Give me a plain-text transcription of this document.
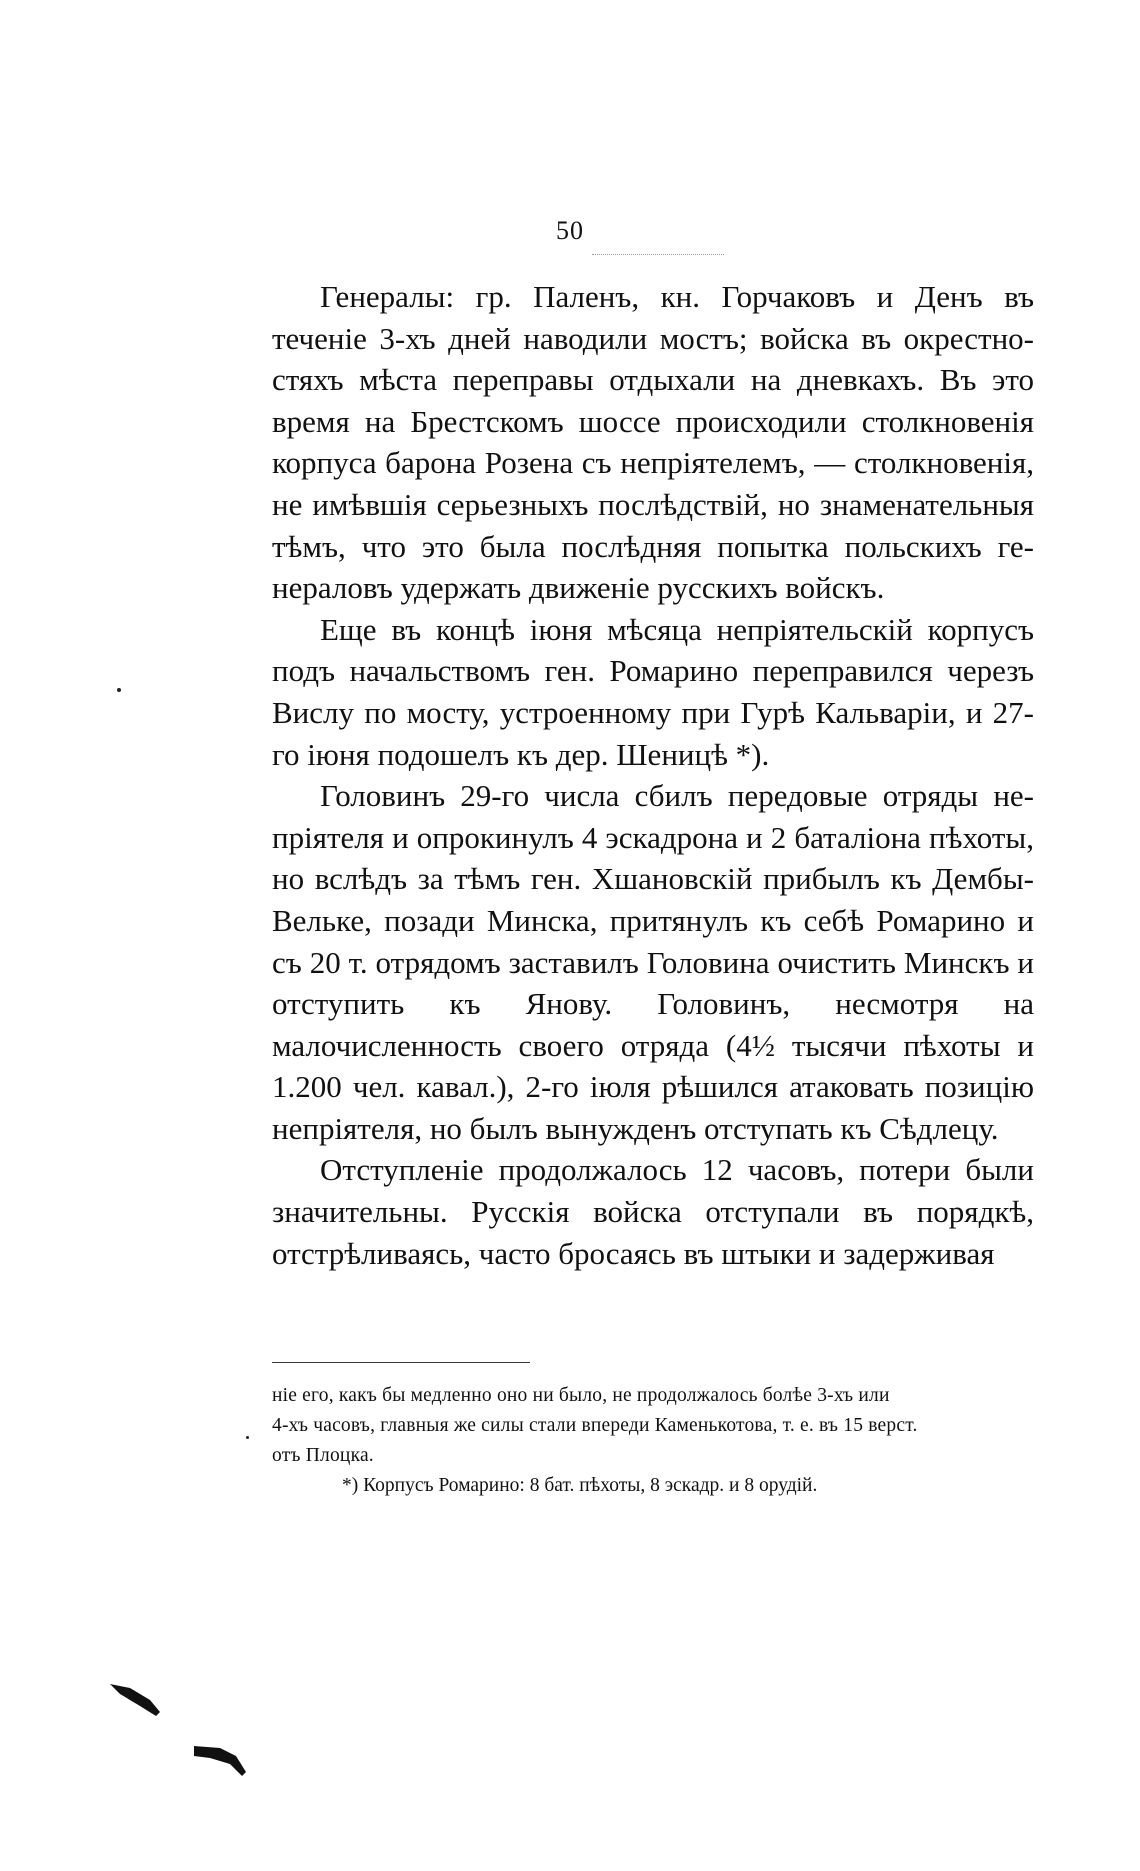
50

Генералы: гр. Паленъ, кн. Горчаковъ и Денъ въ теченіе 3-хъ дней наводили мостъ; войска въ окрестностяхъ мѣста переправы отдыхали на дневкахъ. Въ это время на Брестскомъ шоссе происходили столкновенія корпуса барона Розена съ непріятелемъ, — столкновенія, не имѣвшія серьезныхъ послѣдствій, но знаменательныя тѣмъ, что это была послѣдняя попытка польскихъ генераловъ удержать движеніе русскихъ войскъ.

Еще въ концѣ іюня мѣсяца непріятельскій корпусъ подъ начальствомъ ген. Ромарино переправился черезъ Вислу по мосту, устроенному при Гурѣ Кальваріи, и 27-го іюня подошелъ къ дер. Шеницѣ *).

Головинъ 29-го числа сбилъ передовые отряды непріятеля и опрокинулъ 4 эскадрона и 2 баталіона пѣхоты, но вслѣдъ за тѣмъ ген. Хшановскій прибылъ къ Дембы-Вельке, позади Минска, притянулъ къ себѣ Ромарино и съ 20 т. отрядомъ заставилъ Головина очистить Минскъ и отступить къ Янову. Головинъ, несмотря на малочисленность своего отряда (4½ тысячи пѣхоты и 1.200 чел. кавал.), 2-го іюля рѣшился атаковать позицію непріятеля, но былъ вынужденъ отступать къ Сѣдлецу.

Отступленіе продолжалось 12 часовъ, потери были значительны. Русскія войска отступали въ порядкѣ, отстрѣливаясь, часто бросаясь въ штыки и задерживая

ніе его, какъ бы медленно оно ни было, не продолжалось болѣе 3-хъ или

4-хъ часовъ, главныя же силы стали впереди Каменькотова, т. е. въ 15 верст.

отъ Плоцка.

*) Корпусъ Ромарино: 8 бат. пѣхоты, 8 эскадр. и 8 орудій.
